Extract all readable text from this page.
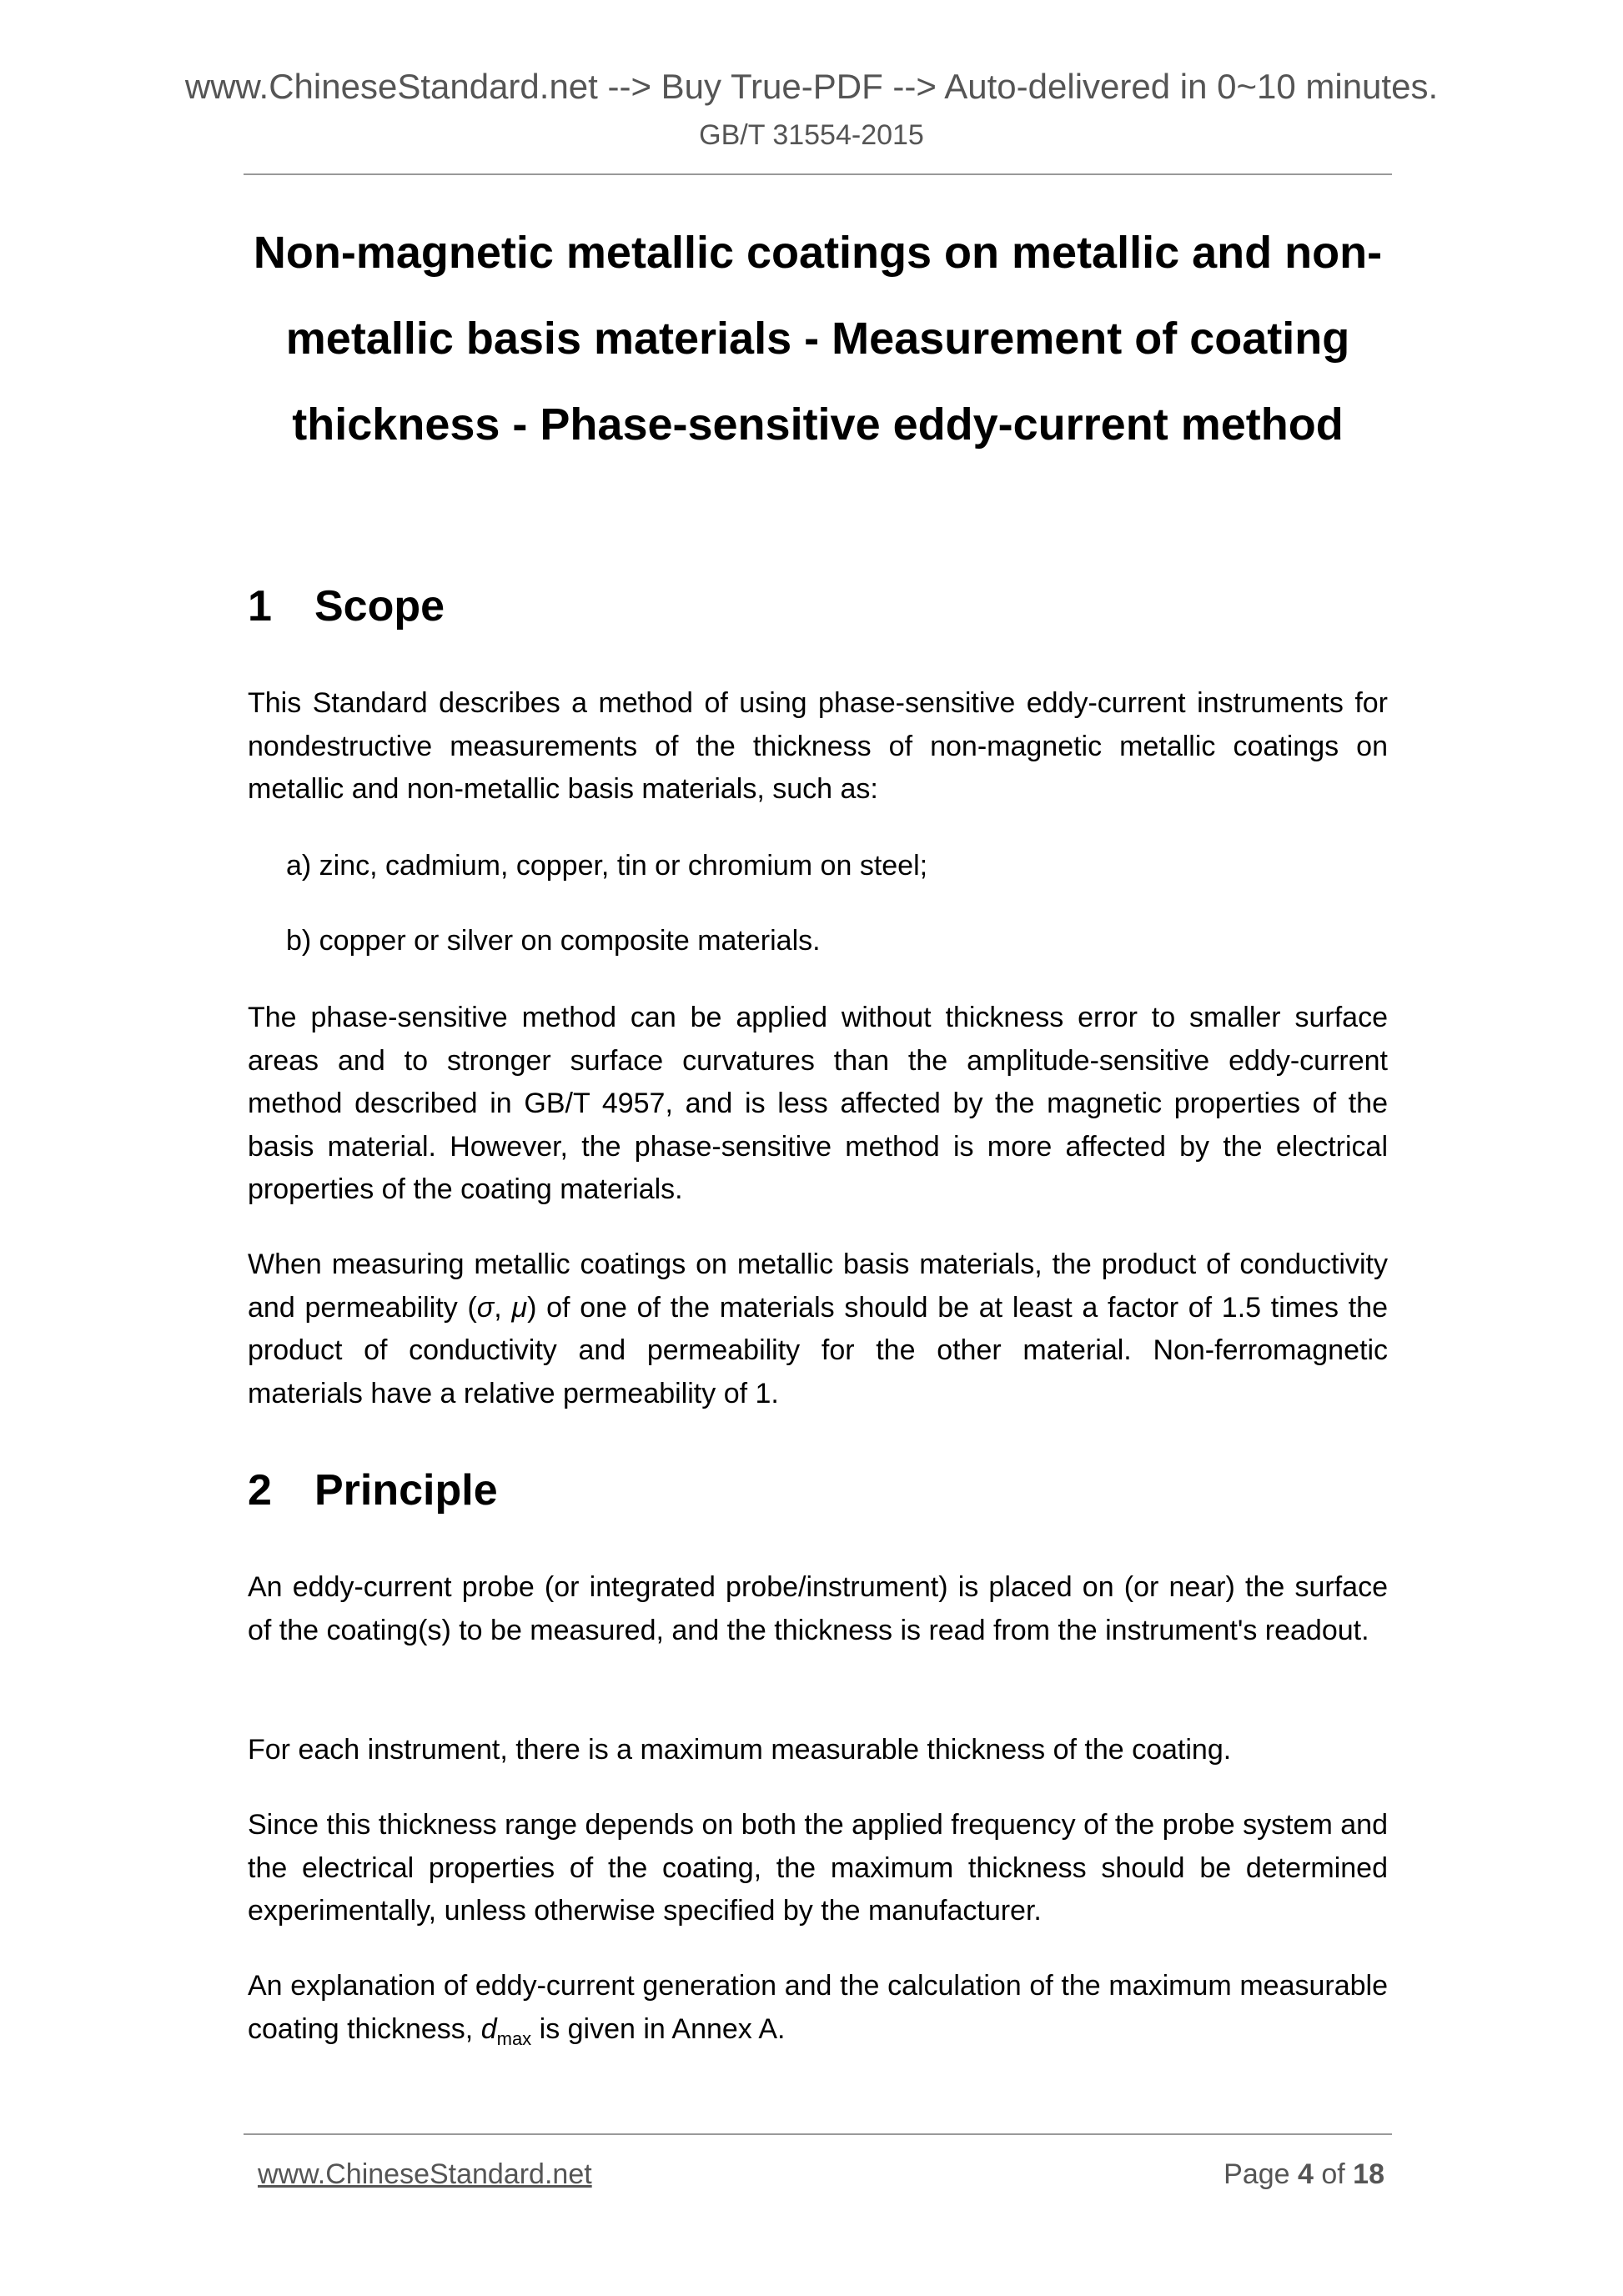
www.ChineseStandard.net --> Buy True-PDF --> Auto-delivered in 0~10 minutes.
GB/T 31554-2015
Non-magnetic metallic coatings on metallic and non-metallic basis materials - Measurement of coating thickness - Phase-sensitive eddy-current method
1 Scope
This Standard describes a method of using phase-sensitive eddy-current instruments for nondestructive measurements of the thickness of non-magnetic metallic coatings on metallic and non-metallic basis materials, such as:
a) zinc, cadmium, copper, tin or chromium on steel;
b) copper or silver on composite materials.
The phase-sensitive method can be applied without thickness error to smaller surface areas and to stronger surface curvatures than the amplitude-sensitive eddy-current method described in GB/T 4957, and is less affected by the magnetic properties of the basis material. However, the phase-sensitive method is more affected by the electrical properties of the coating materials.
When measuring metallic coatings on metallic basis materials, the product of conductivity and permeability (σ, μ) of one of the materials should be at least a factor of 1.5 times the product of conductivity and permeability for the other material. Non-ferromagnetic materials have a relative permeability of 1.
2 Principle
An eddy-current probe (or integrated probe/instrument) is placed on (or near) the surface of the coating(s) to be measured, and the thickness is read from the instrument's readout.
For each instrument, there is a maximum measurable thickness of the coating.
Since this thickness range depends on both the applied frequency of the probe system and the electrical properties of the coating, the maximum thickness should be determined experimentally, unless otherwise specified by the manufacturer.
An explanation of eddy-current generation and the calculation of the maximum measurable coating thickness, $d_{max}$ is given in Annex A.
www.ChineseStandard.net	Page 4 of 18
